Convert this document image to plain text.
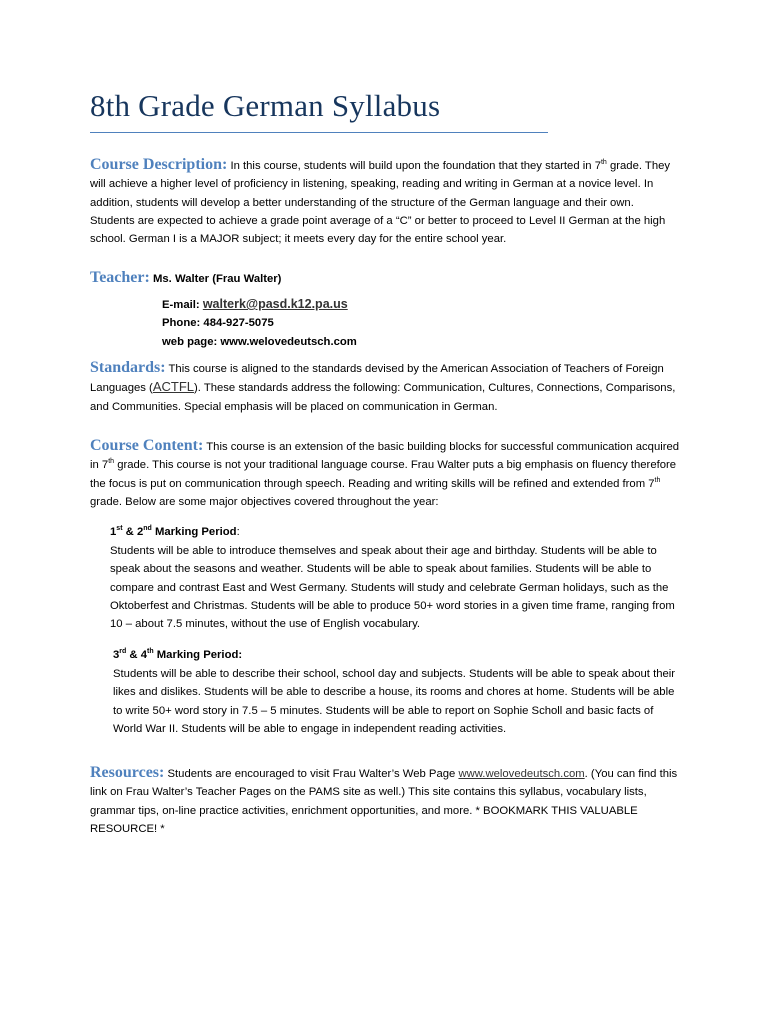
8th Grade German Syllabus

Course Description: In this course, students will build upon the foundation that they started in 7th grade. They will achieve a higher level of proficiency in listening, speaking, reading and writing in German at a novice level. In addition, students will develop a better understanding of the structure of the German language and their own. Students are expected to achieve a grade point average of a “C” or better to proceed to Level II German at the high school. German I is a MAJOR subject; it meets every day for the entire school year.

Teacher: Ms. Walter (Frau Walter)

E-mail: walterk@pasd.k12.pa.us
Phone: 484-927-5075
web page: www.welovedeutsch.com

Standards: This course is aligned to the standards devised by the American Association of Teachers of Foreign Languages (ACTFL). These standards address the following: Communication, Cultures, Connections, Comparisons, and Communities. Special emphasis will be placed on communication in German.

Course Content: This course is an extension of the basic building blocks for successful communication acquired in 7th grade. This course is not your traditional language course. Frau Walter puts a big emphasis on fluency therefore the focus is put on communication through speech. Reading and writing skills will be refined and extended from 7th grade. Below are some major objectives covered throughout the year:

1st & 2nd Marking Period:

Students will be able to introduce themselves and speak about their age and birthday. Students will be able to speak about the seasons and weather. Students will be able to speak about families. Students will be able to compare and contrast East and West Germany. Students will study and celebrate German holidays, such as the Oktoberfest and Christmas. Students will be able to produce 50+ word stories in a given time frame, ranging from 10 – about 7.5 minutes, without the use of English vocabulary.

3rd & 4th Marking Period:

Students will be able to describe their school, school day and subjects. Students will be able to speak about their likes and dislikes. Students will be able to describe a house, its rooms and chores at home. Students will be able to write 50+ word story in 7.5 – 5 minutes. Students will be able to report on Sophie Scholl and basic facts of World War II. Students will be able to engage in independent reading activities.

Resources: Students are encouraged to visit Frau Walter’s Web Page www.welovedeutsch.com. (You can find this link on Frau Walter’s Teacher Pages on the PAMS site as well.) This site contains this syllabus, vocabulary lists, grammar tips, on-line practice activities, enrichment opportunities, and more. * BOOKMARK THIS VALUABLE RESOURCE! *
